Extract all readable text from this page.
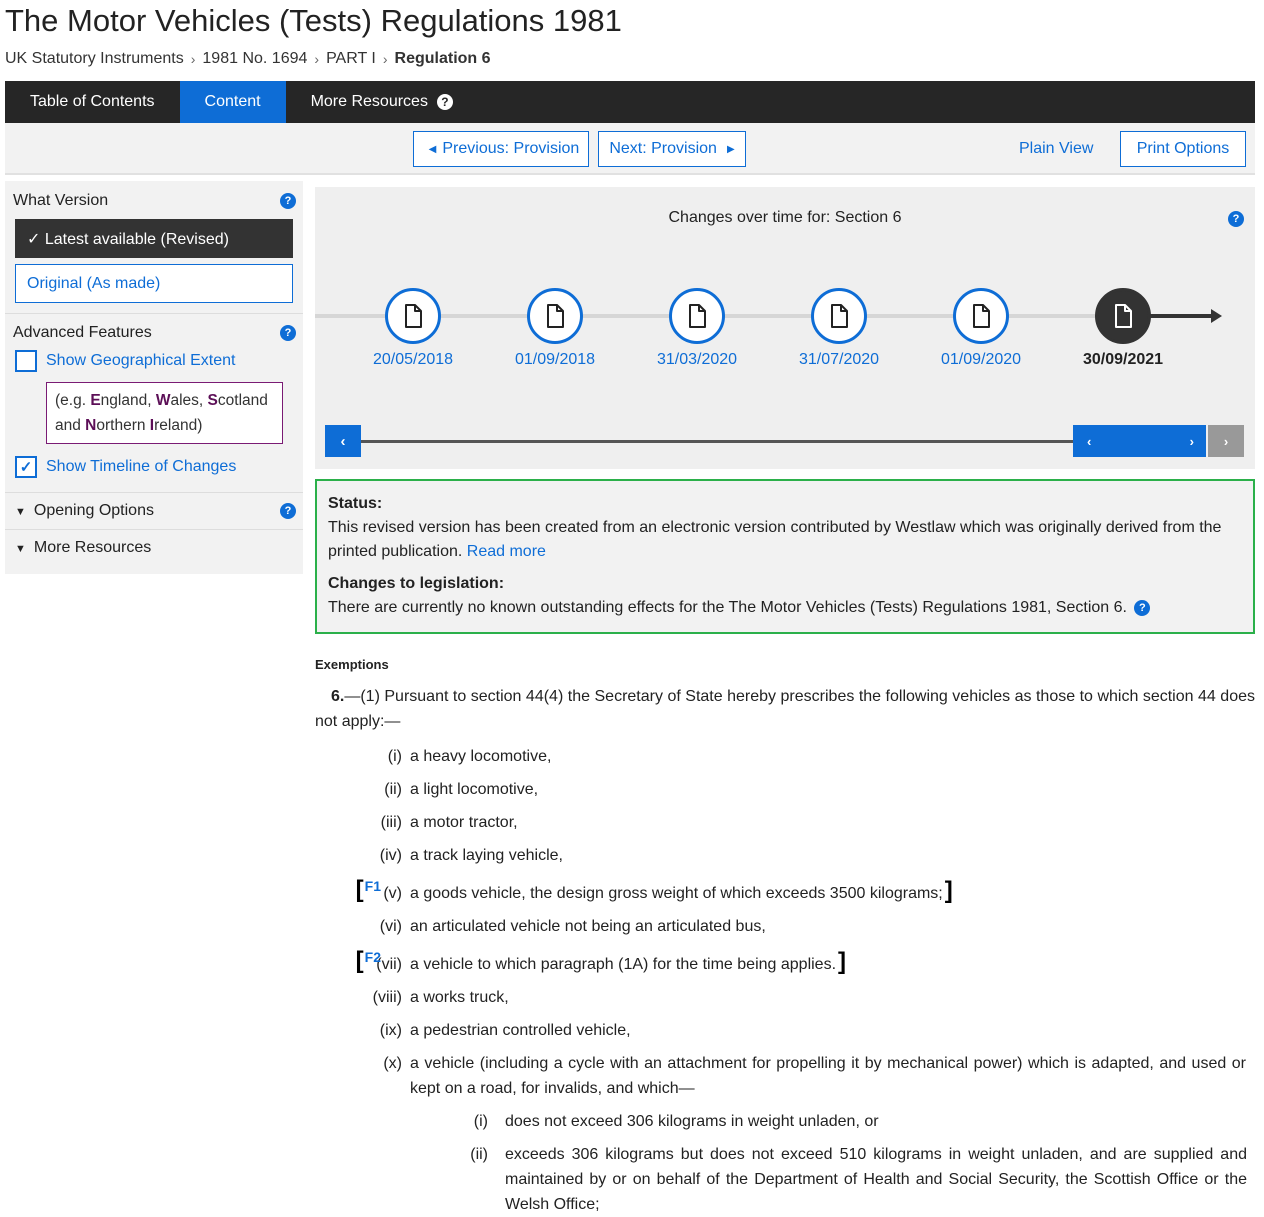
The Motor Vehicles (Tests) Regulations 1981
UK Statutory Instruments › 1981 No. 1694 › PART I › Regulation 6
Table of Contents	Content	More Resources	?
◀ Previous: Provision Next: Provision ▶	Plain View	Print Options
What Version	?
✓ Latest available (Revised)
Original (As made)
Advanced Features	?
Show Geographical Extent
(e.g. England, Wales, Scotland
and Northern Ireland)
✓ Show Timeline of Changes
▼ Opening Options	?
▼ More Resources
Changes over time for: Section 6	?
‹	‹	›	›
20/05/2018	01/09/2018	31/03/2020	31/07/2020	01/09/2020	30/09/2021
Status:
This revised version has been created from an electronic version contributed by Westlaw which was originally derived from the printed publication. Read more
Changes to legislation:
There are currently no known outstanding effects for the The Motor Vehicles (Tests) Regulations 1981, Section 6. ?
Exemptions
6.—(1) Pursuant to section 44(4) the Secretary of State hereby prescribes the following vehicles as those to which section 44 does not apply:—
(i) a heavy locomotive,
(ii) a light locomotive,
(iii) a motor tractor,
(iv) a track laying vehicle,
[ F1 (v) a goods vehicle, the design gross weight of which exceeds 3500 kilograms;]
(vi) an articulated vehicle not being an articulated bus,
[ F2
(vii) a vehicle to which paragraph (1A) for the time being applies.]
(viii) a works truck,
(ix) a pedestrian controlled vehicle,
(x) a vehicle (including a cycle with an attachment for propelling it by mechanical power) which is adapted, and used or kept on a road, for invalids, and which—
(i)	does not exceed 306 kilograms in weight unladen, or
(ii)	exceeds 306 kilograms but does not exceed 510 kilograms in weight unladen, and are supplied and maintained by or on behalf of the Department of Health and Social Security, the Scottish Office or the Welsh Office;
